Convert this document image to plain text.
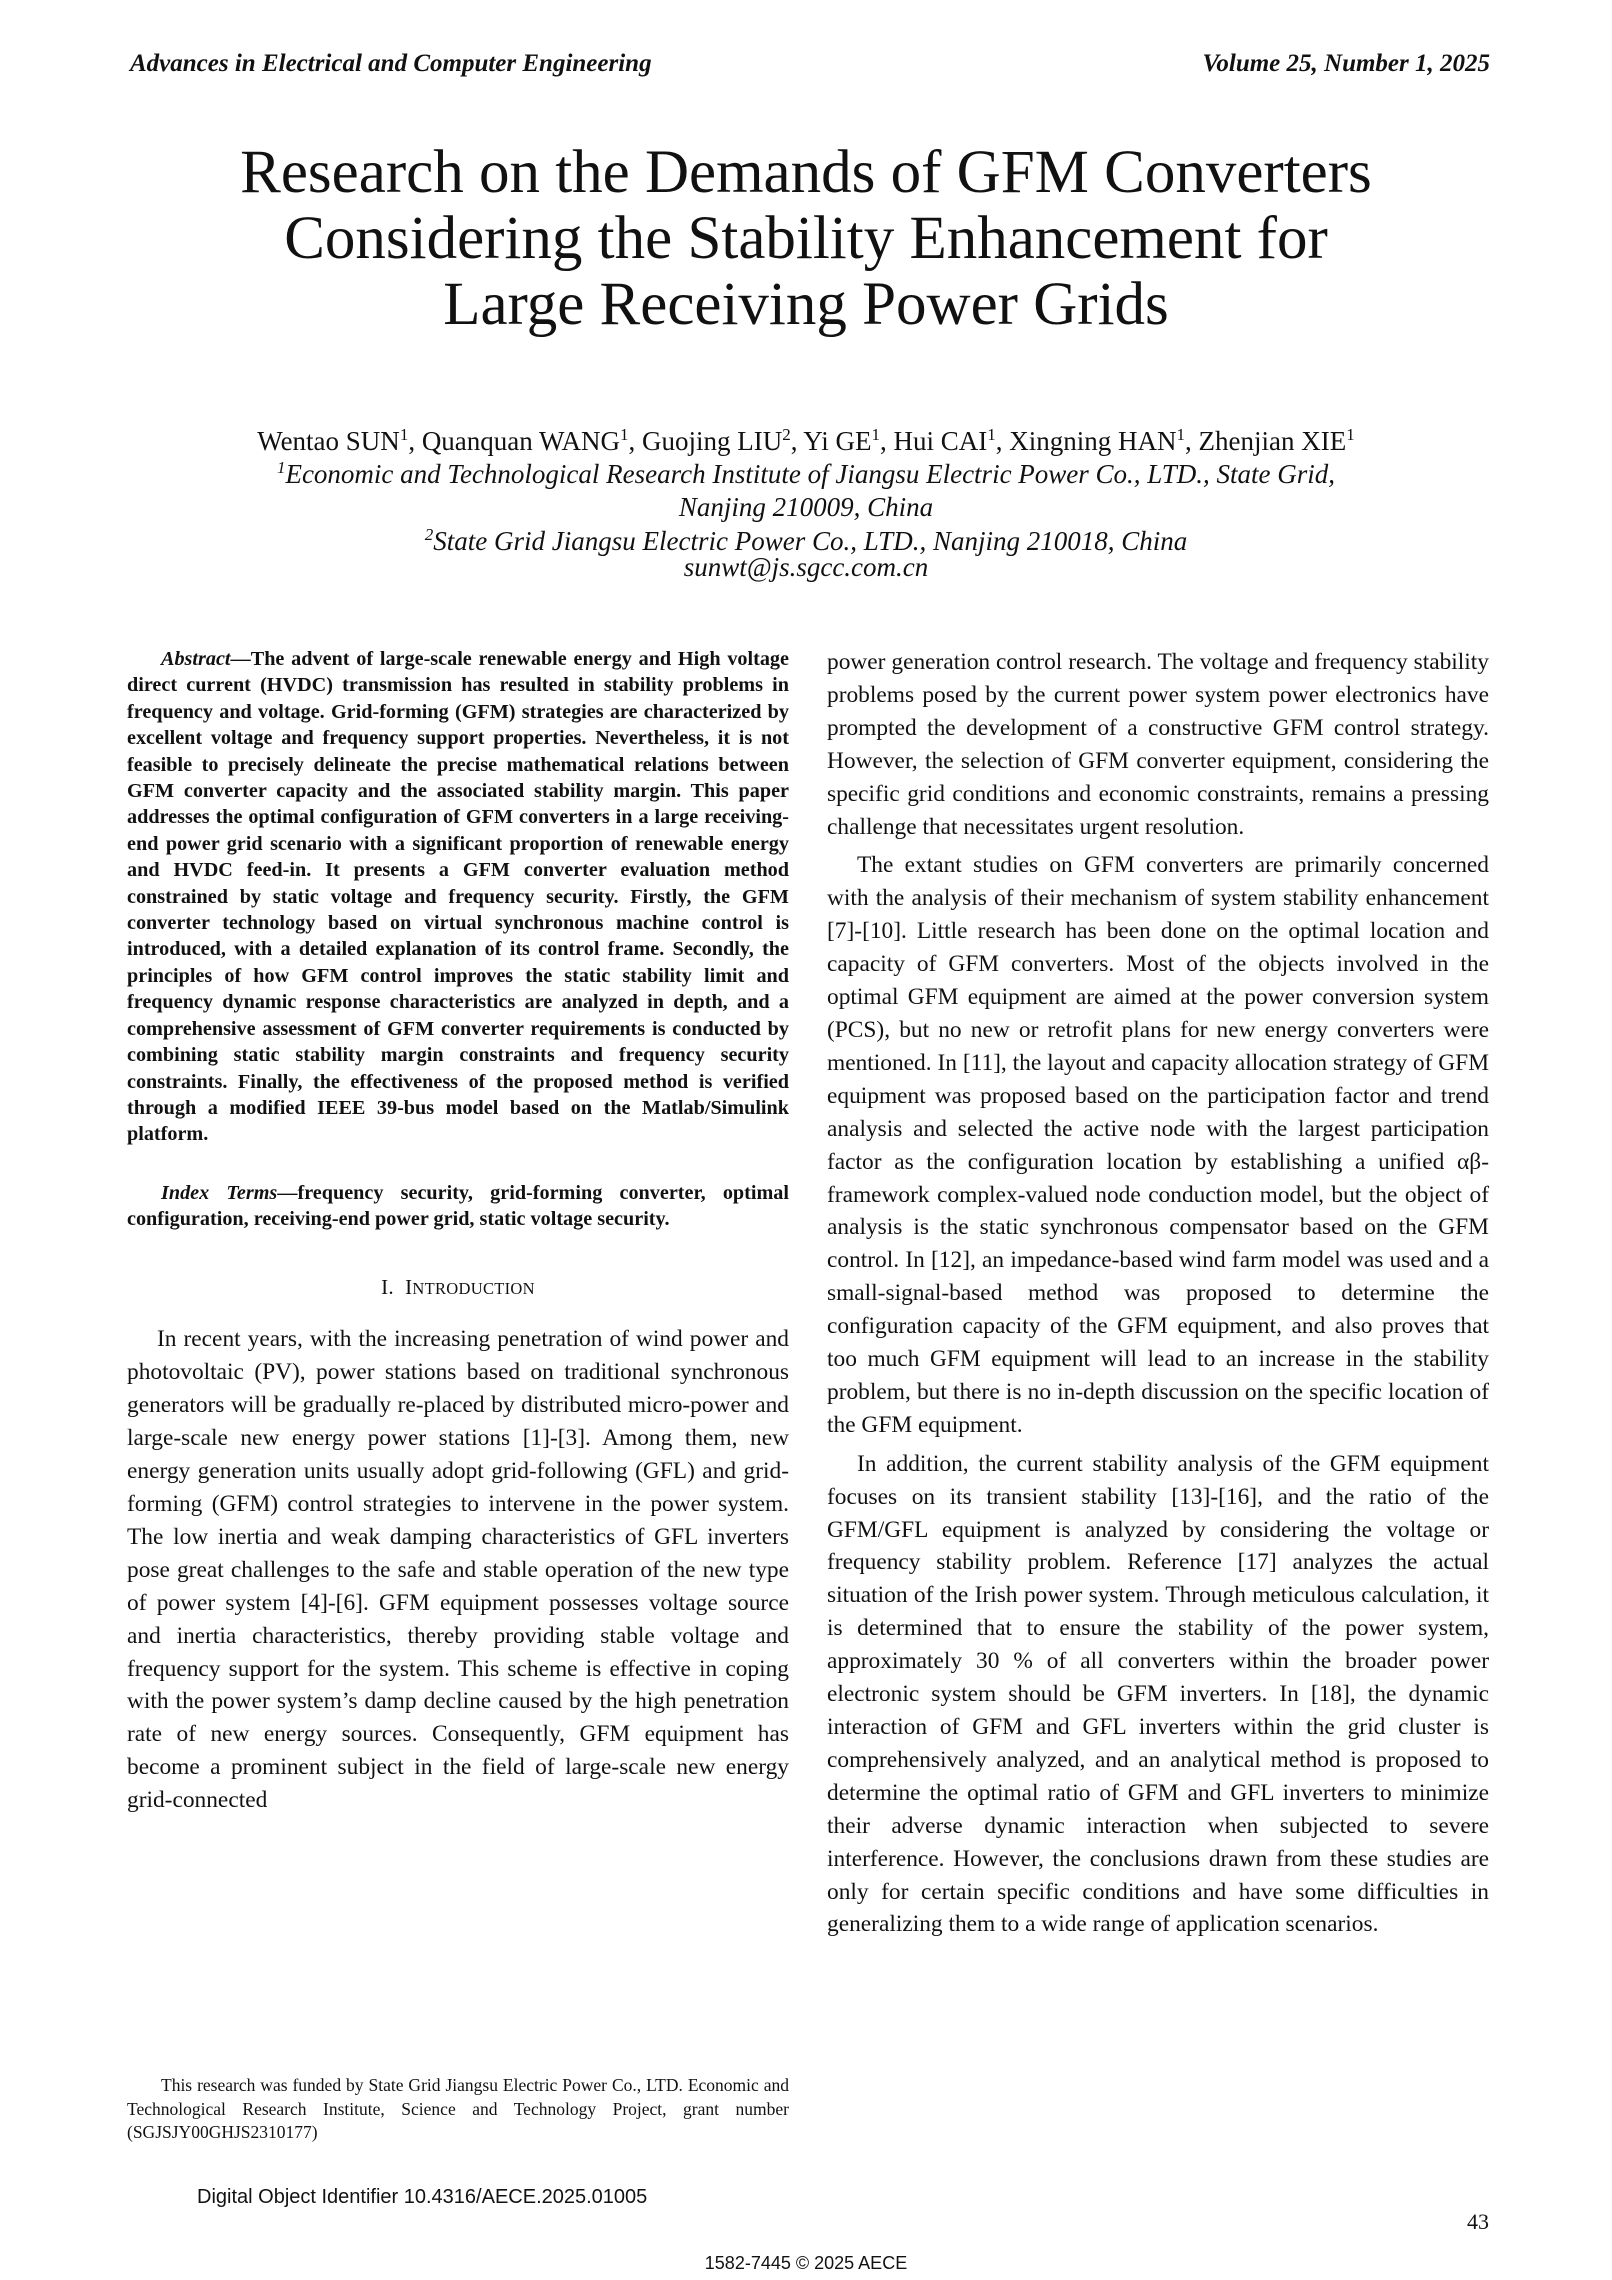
Advances in Electrical and Computer Engineering	Volume 25, Number 1, 2025
Research on the Demands of GFM Converters
Considering the Stability Enhancement for
Large Receiving Power Grids
Wentao SUN$^1$, Quanquan WANG$^1$, Guojing LIU$^2$, Yi $GE^1$, Hui CAI$^1$, Xingning HAN$^1$, Zhenjian XIE$^1$
$^1$Economic and Technological Research Institute of Jiangsu Electric Power Co., LTD., State Grid,
Nanjing 210009, China
$^2$State Grid Jiangsu Electric Power Co., LTD., Nanjing 210018, China
sunwt@js.sgcc.com.cn

Abstract—The advent of large-scale renewable energy and High voltage direct current (HVDC) transmission has resulted in stability problems in frequency and voltage. Grid-forming (GFM) strategies are characterized by excellent voltage and frequency support properties. Nevertheless, it is not feasible to precisely delineate the precise mathematical relations between GFM converter capacity and the associated stability margin. This paper addresses the optimal configuration of GFM converters in a large receiving-end power grid scenario with a significant proportion of renewable energy and HVDC feed-in. It presents a GFM converter evaluation method constrained by static voltage and frequency security. Firstly, the GFM converter technology based on virtual synchronous machine control is introduced, with a detailed explanation of its control frame. Secondly, the principles of how GFM control improves the static stability limit and frequency dynamic response characteristics are analyzed in depth, and a comprehensive assessment of GFM converter requirements is conducted by combining static stability margin constraints and frequency security constraints. Finally, the effectiveness of the proposed method is verified through a modified IEEE 39-bus model based on the Matlab/Simulink platform.

Index Terms—frequency security, grid-forming converter, optimal configuration, receiving-end power grid, static voltage security.

I. INTRODUCTION

In recent years, with the increasing penetration of wind power and photovoltaic (PV), power stations based on traditional synchronous generators will be gradually re-placed by distributed micro-power and large-scale new energy power stations [1]-[3]. Among them, new energy generation units usually adopt grid-following (GFL) and grid-forming (GFM) control strategies to intervene in the power system. The low inertia and weak damping characteristics of GFL inverters pose great challenges to the safe and stable operation of the new type of power system [4]-[6]. GFM equipment possesses voltage source and inertia characteristics, thereby providing stable voltage and frequency support for the system. This scheme is effective in coping with the power system’s damp decline caused by the high penetration rate of new energy sources. Consequently, GFM equipment has become a prominent subject in the field of large-scale new energy grid-connected

power generation control research. The voltage and frequency stability problems posed by the current power system power electronics have prompted the development of a constructive GFM control strategy. However, the selection of GFM converter equipment, considering the specific grid conditions and economic constraints, remains a pressing challenge that necessitates urgent resolution.

The extant studies on GFM converters are primarily concerned with the analysis of their mechanism of system stability enhancement [7]-[10]. Little research has been done on the optimal location and capacity of GFM converters. Most of the objects involved in the optimal GFM equipment are aimed at the power conversion system (PCS), but no new or retrofit plans for new energy converters were mentioned. In [11], the layout and capacity allocation strategy of GFM equipment was proposed based on the participation factor and trend analysis and selected the active node with the largest participation factor as the configuration location by establishing a unified αβ-framework complex-valued node conduction model, but the object of analysis is the static synchronous compensator based on the GFM control. In [12], an impedance-based wind farm model was used and a small-signal-based method was proposed to determine the configuration capacity of the GFM equipment, and also proves that too much GFM equipment will lead to an increase in the stability problem, but there is no in-depth discussion on the specific location of the GFM equipment.

In addition, the current stability analysis of the GFM equipment focuses on its transient stability [13]-[16], and the ratio of the GFM/GFL equipment is analyzed by considering the voltage or frequency stability problem. Reference [17] analyzes the actual situation of the Irish power system. Through meticulous calculation, it is determined that to ensure the stability of the power system, approximately 30 % of all converters within the broader power electronic system should be GFM inverters. In [18], the dynamic interaction of GFM and GFL inverters within the grid cluster is comprehensively analyzed, and an analytical method is proposed to determine the optimal ratio of GFM and GFL inverters to minimize their adverse dynamic interaction when subjected to severe interference. However, the conclusions drawn from these studies are only for certain specific conditions and have some difficulties in generalizing them to a wide range of application scenarios.

This research was funded by State Grid Jiangsu Electric Power Co., LTD. Economic and Technological Research Institute, Science and Technology Project, grant number (SGJSJY00GHJS2310177)
Digital Object Identifier 10.4316/AECE.2025.01005
43
1582-7445 © 2025 AECE
